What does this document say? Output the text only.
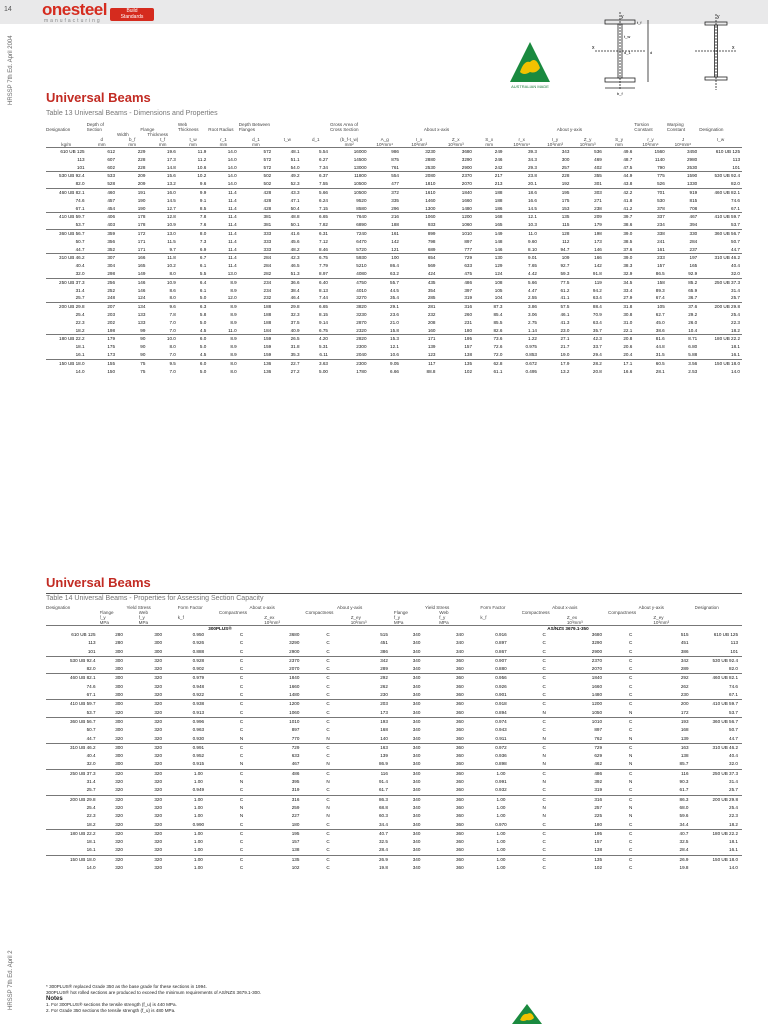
14 onesteel
manufacturing
Build
Standards
HRSSP 7th Ed. April 2004
HRSSP 7th Ed. April 2
AUSTRALIAN MADE
y
x
t_f
t_w
d
d_1
b_f
y
x
Universal Beams
Table 13 Universal Beams - Dimensions and Properties
Designation	Depth of Section	Flange		Web Thickness	Root Radius	Depth Between Flanges			Gross Area of Cross Section	About x-axis				About y-axis				Torsion Constant	Warping Constant	Designation
		Width	Thickness																	
	d	b_f	t_f	t_w	r_1	d_1	t_w	d_1	(b_f-t_w)	A_g	I_x	Z_x	S_x	r_x	I_y	Z_y	S_y	r_y	J	I_w
kg/m	mm	mm	mm	mm	mm	mm			mm²	10⁶mm⁴	10³mm³	10³mm³	mm	10⁶mm⁴	10³mm³	10³mm³	mm	10³mm⁴	10⁹mm⁶	
610 UB 125	612	229	19.6	11.9	14.0	572	48.1	5.54	16000	986	3230	3680	249	39.3	343	536	49.6	1560	3450	610 UB 125
113	607	228	17.3	11.2	14.0	572	51.1	6.27	14500	875	2880	3290	246	34.3	300	469	48.7	1140	2980	113
101	602	228	14.8	10.6	14.0	572	54.0	7.34	13000	761	2530	2900	242	29.3	257	402	47.5	790	2530	101
530 UB 92.4	533	209	15.6	10.2	14.0	502	49.2	6.37	11800	554	2080	2370	217	23.8	228	355	44.9	775	1590	530 UB 92.4
82.0	528	209	13.2	9.6	14.0	502	52.3	7.55	10500	477	1810	2070	213	20.1	192	301	43.8	526	1330	82.0
460 UB 82.1	460	191	16.0	9.9	11.4	428	43.3	5.66	10500	372	1610	1840	188	18.6	195	303	42.2	701	919	460 UB 82.1
74.6	457	190	14.5	9.1	11.4	428	47.1	6.24	9520	335	1460	1660	188	16.6	175	271	41.8	530	815	74.6
67.1	454	190	12.7	8.5	11.4	428	50.4	7.15	8580	296	1300	1480	186	14.5	153	238	41.2	378	708	67.1
410 UB 59.7	406	178	12.8	7.8	11.4	381	48.8	6.65	7640	216	1060	1200	168	12.1	135	209	39.7	337	467	410 UB 59.7
53.7	403	178	10.9	7.6	11.4	381	50.1	7.82	6890	188	933	1060	165	10.3	115	179	38.6	234	394	53.7
360 UB 56.7	359	172	13.0	8.0	11.4	333	41.6	6.31	7240	161	899	1010	149	11.0	128	198	39.0	338	330	360 UB 56.7
50.7	356	171	11.5	7.3	11.4	333	45.6	7.12	6470	142	798	897	148	9.60	112	173	38.5	241	284	50.7
44.7	352	171	9.7	6.9	11.4	333	48.2	8.46	5720	121	689	777	146	8.10	94.7	146	37.6	161	237	44.7
310 UB 46.2	307	166	11.8	6.7	11.4	284	42.3	6.75	5930	100	654	729	130	9.01	109	166	39.0	233	197	310 UB 46.2
40.4	304	165	10.2	6.1	11.4	284	46.5	7.79	5210	86.4	569	633	129	7.65	92.7	142	38.3	157	165	40.4
32.0	298	149	8.0	5.5	13.0	282	51.3	8.97	4080	63.2	424	475	124	4.42	59.3	91.8	32.9	86.5	92.9	32.0
250 UB 37.3	256	146	10.9	6.4	8.9	234	36.6	6.40	4750	55.7	435	486	108	5.66	77.5	119	34.5	158	85.2	250 UB 37.3
31.4	252	146	8.6	6.1	8.9	234	38.4	8.13	4010	44.5	354	397	105	4.47	61.2	94.2	33.4	89.3	65.9	31.4
25.7	248	124	8.0	5.0	12.0	232	46.4	7.44	3270	35.4	285	319	104	2.55	41.1	63.4	27.9	67.4	36.7	25.7
200 UB 29.8	207	134	9.6	6.3	8.9	188	29.8	6.65	3820	29.1	281	316	87.3	3.86	57.5	88.4	31.8	105	37.6	200 UB 29.8
25.4	203	133	7.8	5.8	8.9	188	32.3	8.15	3230	23.6	232	260	85.4	3.06	46.1	70.9	30.8	62.7	29.2	25.4
22.3	202	133	7.0	5.0	8.9	188	37.5	9.14	2870	21.0	208	231	85.5	2.75	41.3	63.4	31.0	45.0	26.0	22.3
18.2	198	99	7.0	4.5	11.0	184	40.9	6.75	2320	15.8	160	180	82.6	1.14	23.0	35.7	22.1	38.6	10.4	18.2
180 UB 22.2	179	90	10.0	6.0	8.9	159	26.5	4.20	2820	15.3	171	195	73.6	1.22	27.1	42.3	20.8	81.6	8.71	180 UB 22.2
18.1	175	90	8.0	5.0	8.9	159	31.8	5.31	2300	12.1	139	157	72.6	0.975	21.7	33.7	20.6	44.8	6.80	18.1
16.1	173	90	7.0	4.5	8.9	159	35.3	6.11	2040	10.6	123	138	72.0	0.853	19.0	29.4	20.4	31.5	5.88	16.1
150 UB 18.0	155	75	9.5	6.0	8.0	136	22.7	3.63	2300	9.05	117	135	62.8	0.672	17.9	28.2	17.1	60.5	3.56	150 UB 18.0
14.0	150	75	7.0	5.0	8.0	136	27.2	5.00	1780	6.66	88.8	102	61.1	0.495	13.2	20.8	16.6	28.1	2.53	14.0
Universal Beams
Table 14 Universal Beams - Properties for Assessing Section Capacity
Designation	Yield Stress		Form Factor	About x-axis		About y-axis		Yield Stress		Form Factor	About x-axis		About y-axis		Designation
	Flange	Web		Compactness		Compactness		Flange	Web		Compactness		Compactness		
	f_y	f_y	k_f		Z_ex		Z_ey	f_y	f_y	k_f		Z_ex		Z_ey	
	MPa	MPa			10³mm³		10³mm³	MPa	MPa			10³mm³		10³mm³	
300PLUS®								AS/NZS 3679.1-350							
610 UB 125	280	300	0.950	C	3680	C	515	340	340	0.916	C	3680	C	515	610 UB 125
113	280	300	0.926	C	3290	C	451	340	340	0.897	C	3290	C	451	113
101	300	300	0.888	C	2900	C	386	340	340	0.867	C	2900	C	386	101
530 UB 92.4	300	320	0.928	C	2370	C	342	340	360	0.907	C	2370	C	342	530 UB 92.4
82.0	300	320	0.902	C	2070	C	289	340	360	0.880	C	2070	C	289	82.0
460 UB 82.1	300	320	0.979	C	1840	C	292	340	360	0.956	C	1840	C	292	460 UB 82.1
74.6	300	320	0.948	C	1660	C	262	340	360	0.926	C	1660	C	262	74.6
67.1	300	320	0.922	C	1480	C	230	340	360	0.901	C	1480	C	230	67.1
410 UB 59.7	300	320	0.938	C	1200	C	203	340	360	0.918	C	1200	C	200	410 UB 59.7
53.7	320	320	0.913	C	1060	C	173	340	360	0.894	N	1050	N	172	53.7
360 UB 56.7	300	320	0.996	C	1010	C	193	340	360	0.974	C	1010	C	193	360 UB 56.7
50.7	300	320	0.963	C	897	C	168	340	360	0.943	C	897	C	168	50.7
44.7	320	320	0.930	N	770	N	140	340	360	0.911	N	762	N	139	44.7
310 UB 46.2	300	320	0.991	C	729	C	163	340	360	0.972	C	729	C	163	310 UB 46.2
40.4	300	320	0.952	C	633	C	139	340	360	0.936	N	629	N	138	40.4
32.0	300	320	0.915	N	467	N	86.9	340	360	0.898	N	462	N	85.7	32.0
250 UB 37.3	320	320	1.00	C	486	C	116	340	360	1.00	C	486	C	116	250 UB 37.3
31.4	320	320	1.00	N	395	N	91.4	340	360	0.991	N	392	N	90.3	31.4
25.7	320	320	0.949	C	319	C	61.7	340	360	0.932	C	319	C	61.7	25.7
200 UB 29.8	320	320	1.00	C	316	C	86.3	340	360	1.00	C	316	C	86.3	200 UB 29.8
25.4	320	320	1.00	N	259	N	68.8	340	360	1.00	N	257	N	68.0	25.4
22.3	320	320	1.00	N	227	N	60.3	340	360	1.00	N	225	N	59.6	22.3
18.2	320	320	0.990	C	180	C	34.4	340	360	0.970	C	180	C	34.4	18.2
180 UB 22.2	320	320	1.00	C	195	C	40.7	340	360	1.00	C	195	C	40.7	180 UB 22.2
18.1	320	320	1.00	C	157	C	32.5	340	360	1.00	C	157	C	32.5	18.1
16.1	320	320	1.00	C	138	C	28.4	340	360	1.00	C	138	C	28.4	16.1
150 UB 18.0	320	320	1.00	C	135	C	26.9	340	360	1.00	C	135	C	26.9	150 UB 18.0
14.0	320	320	1.00	C	102	C	19.8	340	360	1.00	C	102	C	19.8	14.0
* 300PLUS® replaced Grade 350 as the base grade for these sections in 1994.
300PLUS® hot rolled sections are produced to exceed the minimum requirements of AS/NZS 3679.1-300.
Notes
1. For 300PLUS® sections the tensile strength (f_u) is 440 MPa.
2. For Grade 350 sections the tensile strength (f_u) is 480 MPa.
